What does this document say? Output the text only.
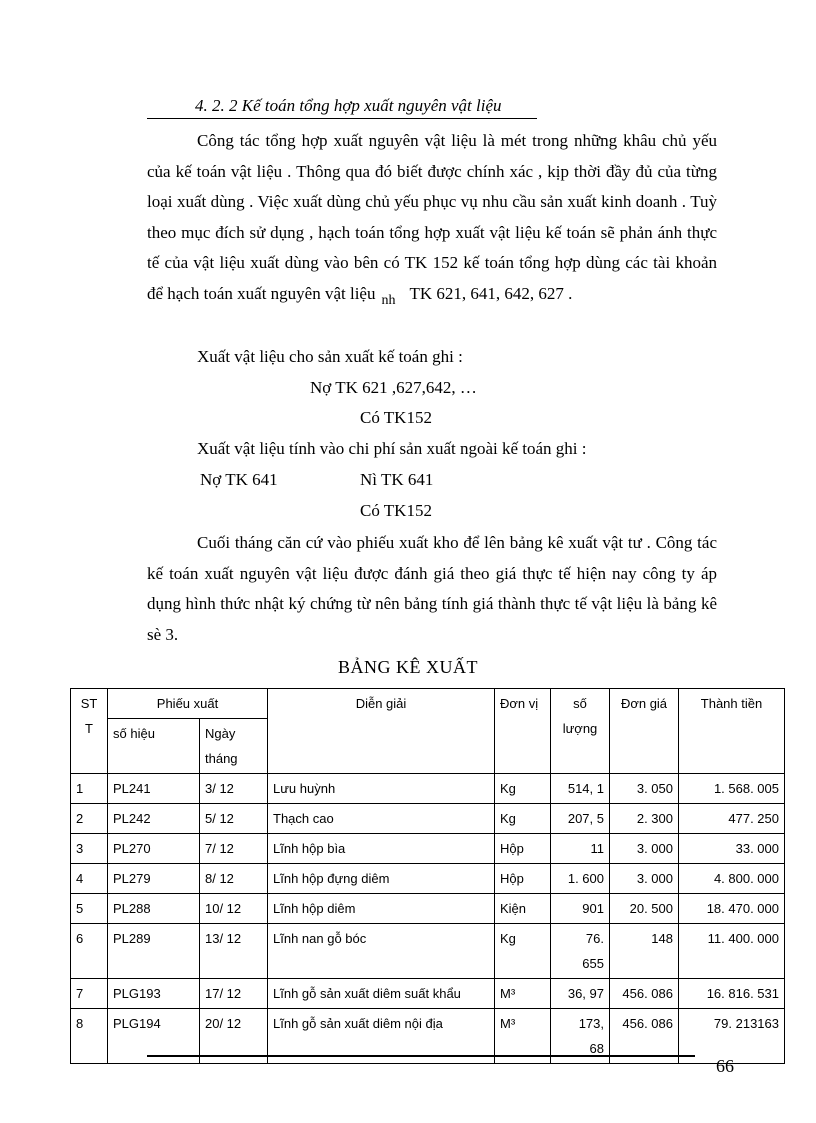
4. 2. 2 Kế toán tổng hợp xuất nguyên vật liệu

Công tác tổng hợp xuất nguyên vật liệu là mét trong những khâu chủ yếu của kế toán vật liệu . Thông qua đó biết được chính xác , kịp thời đầy đủ của từng loại xuất dùng . Việc xuất dùng chủ yếu phục vụ nhu cầu sản xuất kinh doanh . Tuỳ theo mục đích sử dụng , hạch toán tổng hợp xuất vật liệu kế toán sẽ phản ánh thực tế của vật liệu xuất dùng vào bên có TK 152 kế toán tổng hợp dùng các tài khoản để hạch toán xuất nguyên vật liệu $_{nh}$ TK 621, 641, 642, 627 .

Xuất vật liệu cho sản xuất kế toán ghi :
Nợ TK 621 ,627,642, …
Có TK152
Xuất vật liệu tính vào chi phí sản xuất ngoài kế toán ghi :
Nợ TK 641	Nì TK 641
Có TK152

Cuối tháng căn cứ vào phiếu xuất kho để lên bảng kê xuất vật tư . Công tác kế toán xuất nguyên vật liệu được đánh giá theo giá thực tế hiện nay công ty áp dụng hình thức nhật ký chứng từ nên bảng tính giá thành thực tế vật liệu là bảng kê sè 3.

BẢNG KÊ XUẤT
ST T	Phiếu xuất		Diễn giải	Đơn vị	số lượng	Đơn giá	Thành tiền
	số hiệu	Ngày tháng					
1	PL241	3/ 12	Lưu huỳnh	Kg	514, 1	3. 050	1. 568. 005
2	PL242	5/ 12	Thạch cao	Kg	207, 5	2. 300	477. 250
3	PL270	7/ 12	Lĩnh hộp bìa	Hộp	11	3. 000	33. 000
4	PL279	8/ 12	Lĩnh hộp đựng diêm	Hộp	1. 600	3. 000	4. 800. 000
5	PL288	10/ 12	Lĩnh hộp diêm	Kiện	901	20. 500	18. 470. 000
6	PL289	13/ 12	Lĩnh nan gỗ bóc	Kg	76. 655	148	11. 400. 000
7	PLG193	17/ 12	Lĩnh gỗ sản xuất diêm suất khẩu	M³	36, 97	456. 086	16. 816. 531
8	PLG194	20/ 12	Lĩnh gỗ sản xuất diêm nội địa	M³	173, 68	456. 086	79. 213163
66
